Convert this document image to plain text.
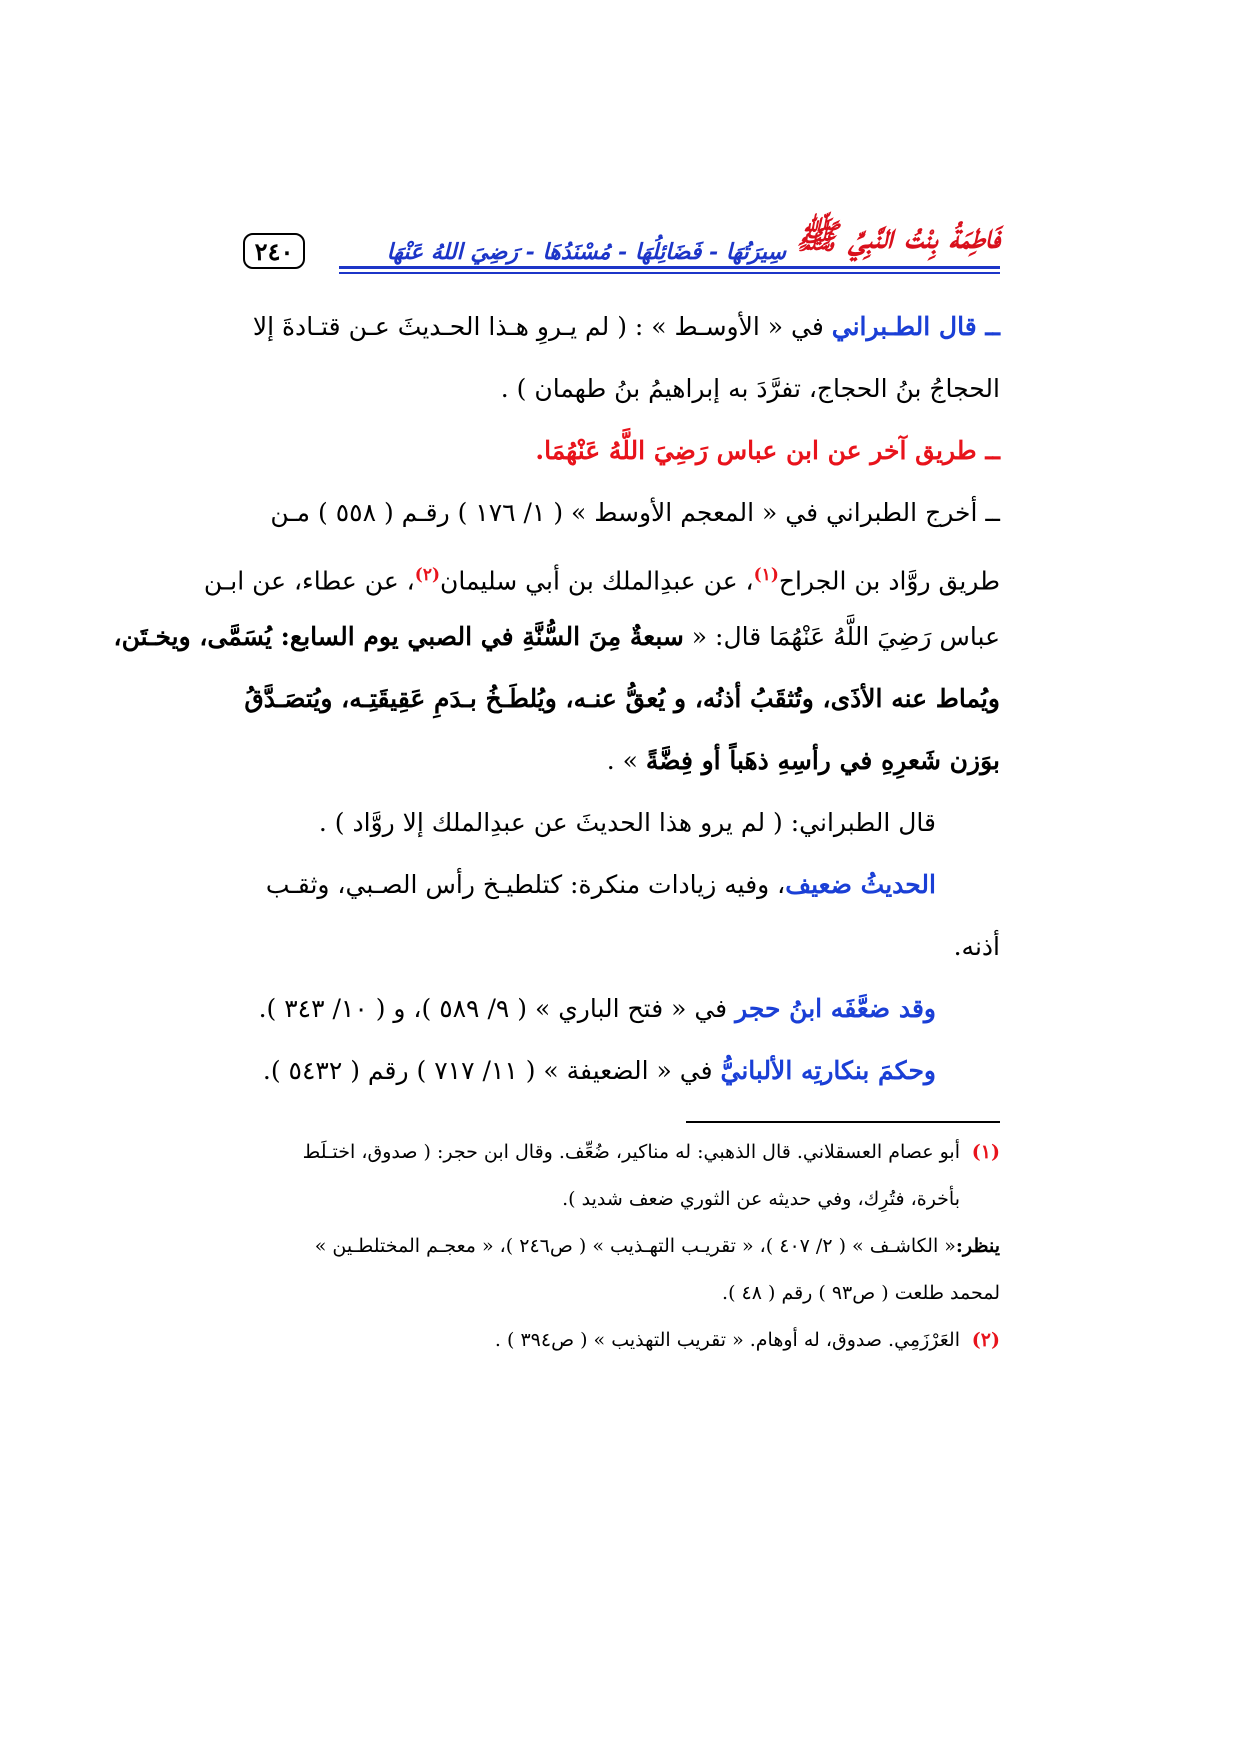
٢٤٠	فَاطِمَةُ بِنْتُ النَّبِيِّ ﷺ
سِيرَتُهَا - فَضَائِلُهَا - مُسْنَدُهَا - رَضِيَ اللهُ عَنْهَا

ــ قال الطـبراني في « الأوسـط » : ( لم يـروِ هـذا الحـديثَ عـن قتـادةَ إلا

الحجاجُ بنُ الحجاج، تفرَّدَ به إبراهيمُ بنُ طهمان ) .

ــ طريق آخر عن ابن عباس رَضِيَ اللَّهُ عَنْهُمَا.

ــ أخرج الطبراني في « المعجم الأوسط » ( ١/ ١٧٦ ) رقـم ( ٥٥٨ ) مـن

طريق روَّاد بن الجراح$^{(١)}$، عن عبدِالملك بن أبي سليمان$^{(٢)}$، عن عطاء، عن ابـن

عباس رَضِيَ اللَّهُ عَنْهُمَا قال: « سبعةٌ مِنَ السُّنَّةِ في الصبي يوم السابع: يُسَمَّى، ويخـتَن،

ويُماط عنه الأذَى، وتُثقَبُ أذنُه، و يُعقُّ عنـه، ويُلطَـخُ بـدَمِ عَقِيقَتِـه، ويُتصَـدَّقُ

بوَزن شَعرِهِ في رأسِهِ ذهَباً أو فِضَّةً » .

قال الطبراني: ( لم يرو هذا الحديثَ عن عبدِالملك إلا روَّاد ) .

الحديثُ ضعيف، وفيه زيادات منكرة: كتلطيـخ رأس الصـبي، وثقـب

أذنه.

وقد ضعَّفَه ابنُ حجر في « فتح الباري » ( ٩/ ٥٨٩ )، و ( ١٠/ ٣٤٣ ).

وحكمَ بنكارتِه الألبانيُّ في « الضعيفة » ( ١١/ ٧١٧ ) رقم ( ٥٤٣٢ ).

(١)أبو عصام العسقلاني. قال الذهبي: له مناكير، ضُعِّف. وقال ابن حجر: ( صدوق، اختـلَط

بأخرة، فتُرِك، وفي حديثه عن الثوري ضعف شديد ).

ينظر:« الكاشـف » ( ٢/ ٤٠٧ )، « تقريـب التهـذيب » ( ص٢٤٦ )، « معجـم المختلطـين »

لمحمد طلعت ( ص٩٣ ) رقم ( ٤٨ ).

(٢)العَرْزَمِي. صدوق، له أوهام. « تقريب التهذيب » ( ص٣٩٤ ) .
